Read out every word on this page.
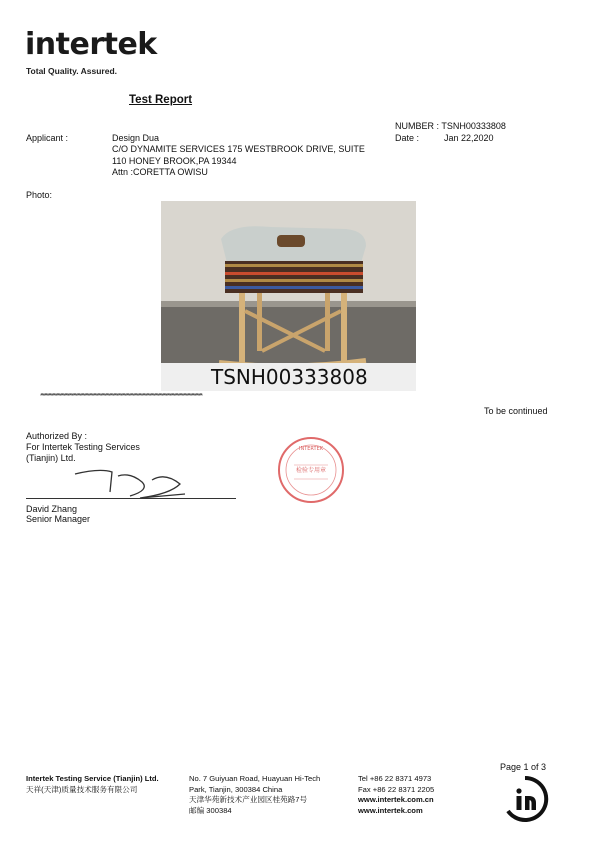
intertek
Total Quality. Assured.
Test Report
NUMBER : TSNH00333808
Date :	Jan 22,2020
Applicant :	Design Dua
C/O DYNAMITE SERVICES 175 WESTBROOK DRIVE, SUITE
110 HONEY BROOK,PA 19344
Attn :CORETTA OWISU
Photo:
TSNH00333808
**************************************************************************************************************************
To be continued
Authorized By :
For Intertek Testing Services
(Tianjin) Ltd.
David Zhang
Senior Manager
INTERTEK
检验专用章
Intertek Testing Service (Tianjin) Ltd.
天祥(天津)质量技术服务有限公司
No. 7 Guiyuan Road, Huayuan Hi-Tech
Park, Tianjin, 300384 China
天津华苑新技术产业园区桂苑路7号
邮编 300384
Tel +86 22 8371 4973
Fax +86 22 8371 2205
www.intertek.com.cn
www.intertek.com
Page 1 of 3
